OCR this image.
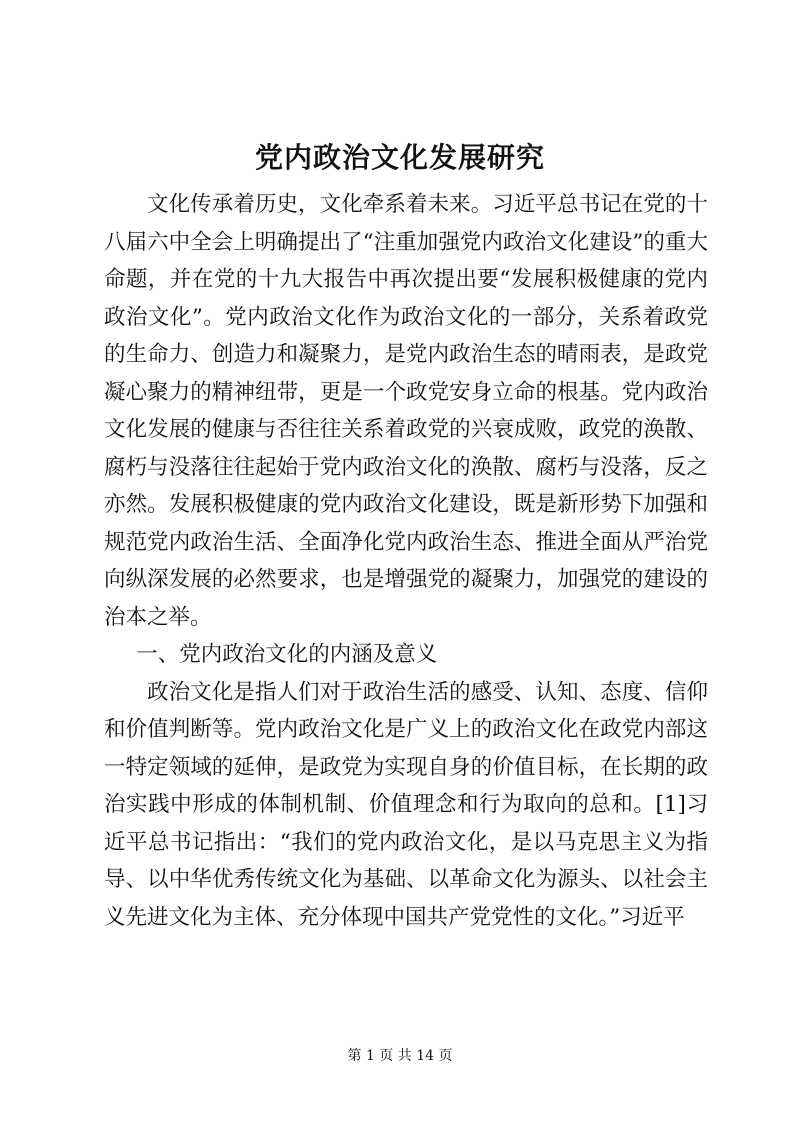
党内政治文化发展研究

文化传承着历史，文化牵系着未来。习近平总书记在党的十八届六中全会上明确提出了“注重加强党内政治文化建设”的重大命题，并在党的十九大报告中再次提出要“发展积极健康的党内政治文化”。党内政治文化作为政治文化的一部分，关系着政党的生命力、创造力和凝聚力，是党内政治生态的晴雨表，是政党凝心聚力的精神纽带，更是一个政党安身立命的根基。党内政治文化发展的健康与否往往关系着政党的兴衰成败，政党的涣散、腐朽与没落往往起始于党内政治文化的涣散、腐朽与没落，反之亦然。发展积极健康的党内政治文化建设，既是新形势下加强和规范党内政治生活、全面净化党内政治生态、推进全面从严治党向纵深发展的必然要求，也是增强党的凝聚力，加强党的建设的治本之举。

一、党内政治文化的内涵及意义

政治文化是指人们对于政治生活的感受、认知、态度、信仰和价值判断等。党内政治文化是广义上的政治文化在政党内部这一特定领域的延伸，是政党为实现自身的价值目标，在长期的政治实践中形成的体制机制、价值理念和行为取向的总和。[1]习近平总书记指出：“我们的党内政治文化，是以马克思主义为指导、以中华优秀传统文化为基础、以革命文化为源头、以社会主义先进文化为主体、充分体现中国共产党党性的文化。”习近平

第 1 页 共 14 页
